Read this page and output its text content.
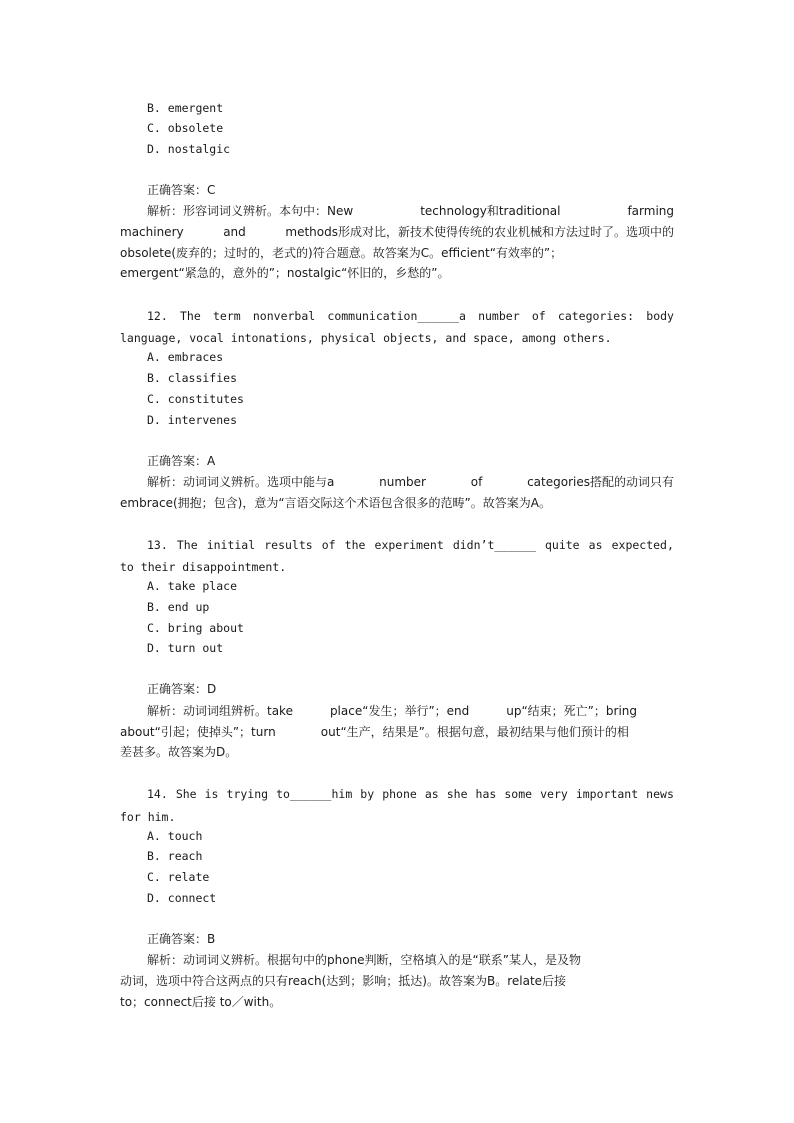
B. emergent
C. obsolete
D. nostalgic
正确答案：C
解析：形容词词义辨析。本句中：New	technology和traditional	farming
machinery	and	methods形成对比，新技术使得传统的农业机械和方法过时了。选项中的
obsolete(废弃的；过时的，老式的)符合题意。故答案为C。efficient“有效率的”；
emergent“紧急的，意外的”；nostalgic“怀旧的，乡愁的”。
12. The term nonverbal communication______a number of categories: body
language, vocal intonations, physical objects, and space, among others.
A. embraces
B. classifies
C. constitutes
D. intervenes
正确答案：A
解析：动词词义辨析。选项中能与a	number	of	categories搭配的动词只有
embrace(拥抱；包含)，意为“言语交际这个术语包含很多的范畴”。故答案为A。
13. The initial results of the experiment didn’t______ quite as expected,
to their disappointment.
A. take place
B. end up
C. bring about
D. turn out
正确答案：D
解析：动词词组辨析。take	place“发生；举行”；end	up“结束；死亡”；bring
about“引起；使掉头”；turn	out“生产，结果是”。根据句意，最初结果与他们预计的相
差甚多。故答案为D。
14. She is trying to______him by phone as she has some very important news
for him.
A. touch
B. reach
C. relate
D. connect
正确答案：B
解析：动词词义辨析。根据句中的phone判断，空格填入的是“联系”某人，是及物
动词，选项中符合这两点的只有reach(达到；影响；抵达)。故答案为B。relate后接
to；connect后接 to／with。
